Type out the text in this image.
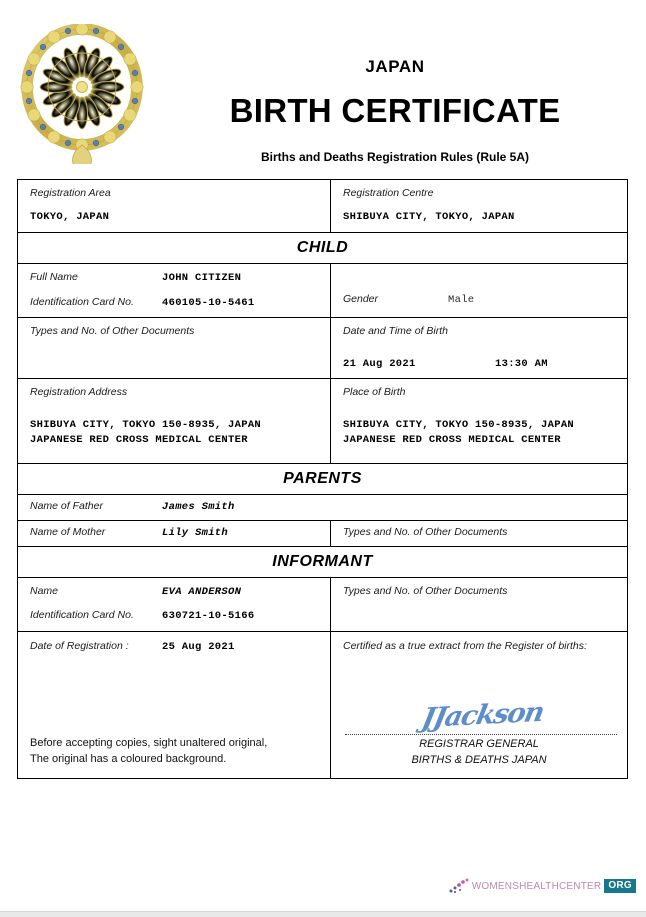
JAPAN
BIRTH CERTIFICATE
Births and Deaths Registration Rules (Rule 5A)
Registration Area
TOKYO, JAPAN
Registration Centre
SHIBUYA CITY, TOKYO, JAPAN
CHILD
Full Name	JOHN CITIZEN
Identification Card No.	460105-10-5461	Gender	Male
Types and No. of Other Documents	Date and Time of Birth
21 Aug 2021	13:30 AM
Registration Address
SHIBUYA CITY, TOKYO 150-8935, JAPAN
JAPANESE RED CROSS MEDICAL CENTER
Place of Birth
SHIBUYA CITY, TOKYO 150-8935, JAPAN
JAPANESE RED CROSS MEDICAL CENTER
PARENTS
Name of Father	James Smith
Name of Mother	Lily Smith	Types and No. of Other Documents
INFORMANT
Name	EVA ANDERSON
Identification Card No.	630721-10-5166
Types and No. of Other Documents
Date of Registration :	25 Aug 2021
Before accepting copies, sight unaltered original,
The original has a coloured background.
Certified as a true extract from the Register of births:
JJackson
REGISTRAR GENERAL
BIRTHS & DEATHS JAPAN
WOMENSHEALTHCENTER ORG
